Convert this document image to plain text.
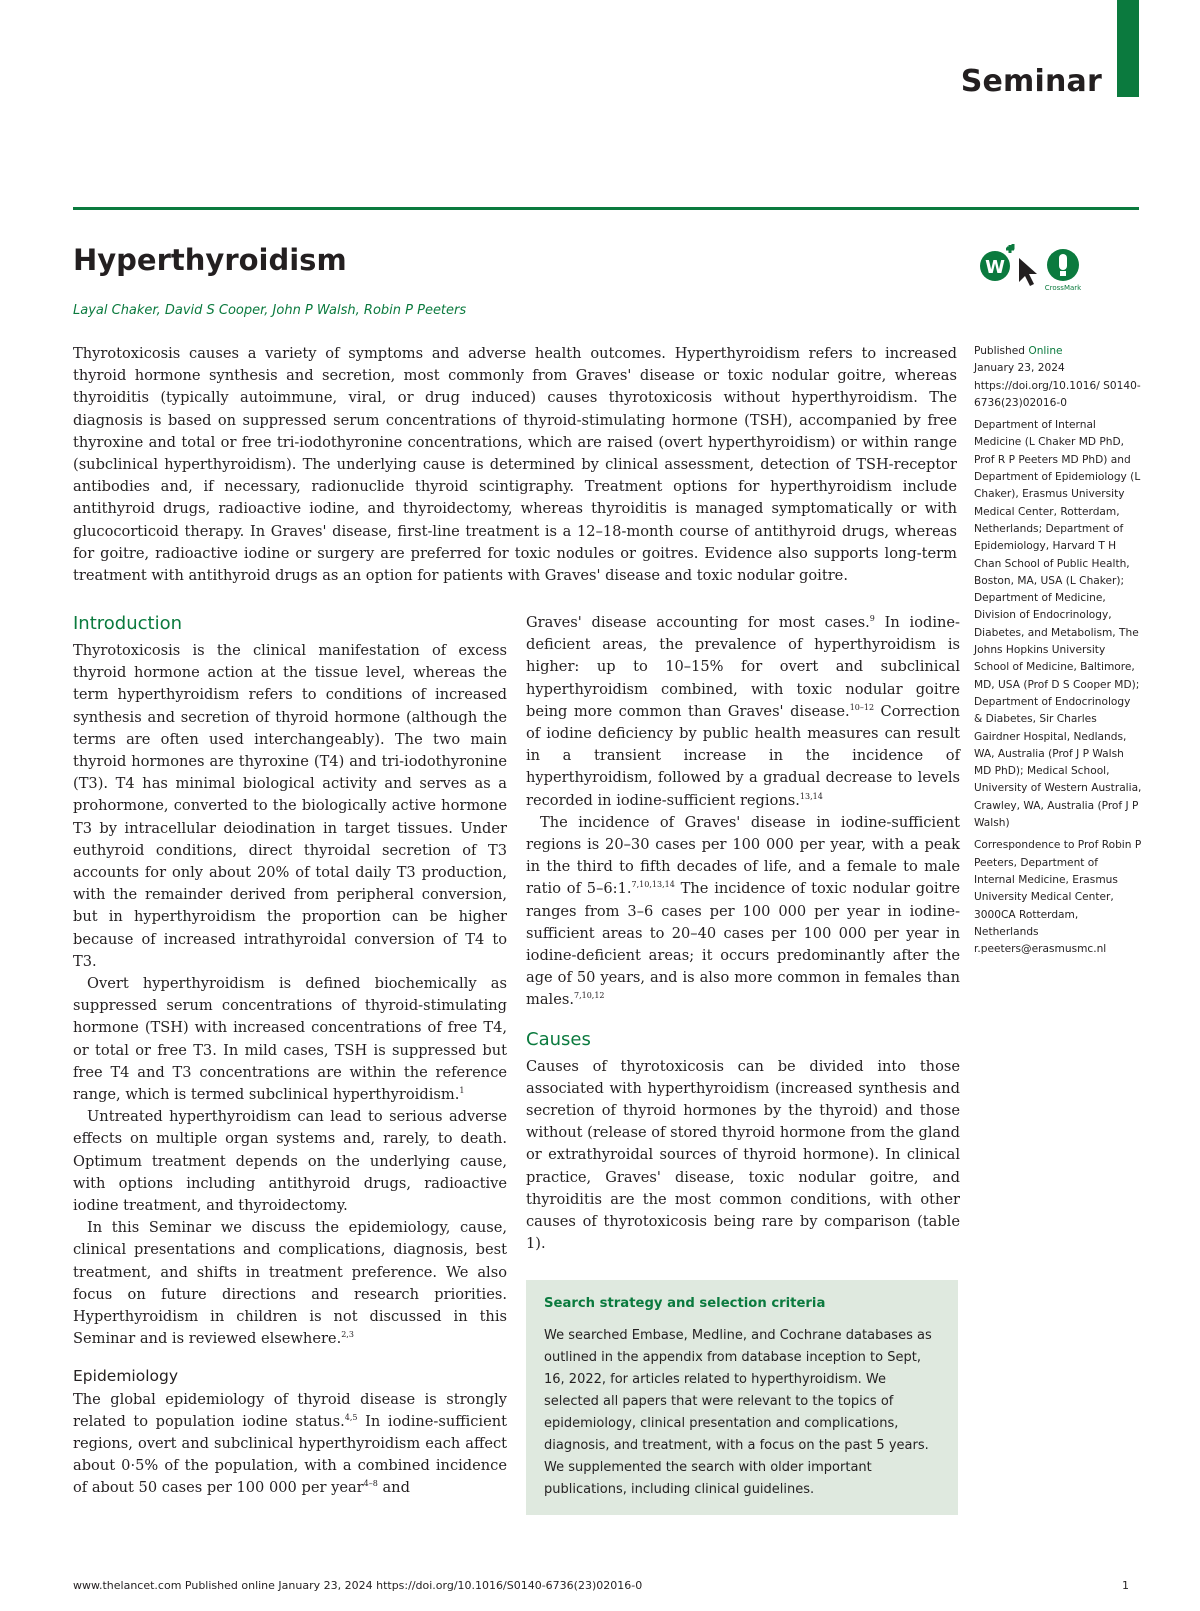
Seminar
Hyperthyroidism	W
CrossMark
Layal Chaker, David S Cooper, John P Walsh, Robin P Peeters

Thyrotoxicosis causes a variety of symptoms and adverse health outcomes. Hyperthyroidism refers to increased thyroid hormone synthesis and secretion, most commonly from Graves' disease or toxic nodular goitre, whereas thyroiditis (typically autoimmune, viral, or drug induced) causes thyrotoxicosis without hyperthyroidism. The diagnosis is based on suppressed serum concentrations of thyroid-stimulating hormone (TSH), accompanied by free thyroxine and total or free tri-iodothyronine concentrations, which are raised (overt hyperthyroidism) or within range (subclinical hyperthyroidism). The underlying cause is determined by clinical assessment, detection of TSH-receptor antibodies and, if necessary, radionuclide thyroid scintigraphy. Treatment options for hyperthyroidism include antithyroid drugs, radioactive iodine, and thyroidectomy, whereas thyroiditis is managed symptomatically or with glucocorticoid therapy. In Graves' disease, first-line treatment is a 12–18-month course of antithyroid drugs, whereas for goitre, radioactive iodine or surgery are preferred for toxic nodules or goitres. Evidence also supports long-term treatment with antithyroid drugs as an option for patients with Graves' disease and toxic nodular goitre.

Published Online
January 23, 2024
https://doi.org/10.1016/ S0140-6736(23)02016-0

Department of Internal Medicine (L Chaker MD PhD, Prof R P Peeters MD PhD) and Department of Epidemiology (L Chaker), Erasmus University Medical Center, Rotterdam, Netherlands; Department of Epidemiology, Harvard T H Chan School of Public Health, Boston, MA, USA (L Chaker); Department of Medicine, Division of Endocrinology, Diabetes, and Metabolism, The Johns Hopkins University School of Medicine, Baltimore, MD, USA (Prof D S Cooper MD); Department of Endocrinology & Diabetes, Sir Charles Gairdner Hospital, Nedlands, WA, Australia (Prof J P Walsh MD PhD); Medical School, University of Western Australia, Crawley, WA, Australia (Prof J P Walsh)

Correspondence to Prof Robin P Peeters, Department of Internal Medicine, Erasmus University Medical Center, 3000CA Rotterdam, Netherlands r.peeters@erasmusmc.nl

Introduction

Thyrotoxicosis is the clinical manifestation of excess thyroid hormone action at the tissue level, whereas the term hyperthyroidism refers to conditions of increased synthesis and secretion of thyroid hormone (although the terms are often used interchangeably). The two main thyroid hormones are thyroxine (T4) and tri-iodothyronine (T3). T4 has minimal biological activity and serves as a prohormone, converted to the biologically active hormone T3 by intracellular deiodination in target tissues. Under euthyroid conditions, direct thyroidal secretion of T3 accounts for only about 20% of total daily T3 production, with the remainder derived from peripheral conversion, but in hyperthyroidism the proportion can be higher because of increased intrathyroidal conversion of T4 to T3.

Overt hyperthyroidism is defined biochemically as suppressed serum concentrations of thyroid-stimulating hormone (TSH) with increased concentrations of free T4, or total or free T3. In mild cases, TSH is suppressed but free T4 and T3 concentrations are within the reference range, which is termed subclinical hyperthyroidism.$^1$

Untreated hyperthyroidism can lead to serious adverse effects on multiple organ systems and, rarely, to death. Optimum treatment depends on the underlying cause, with options including antithyroid drugs, radioactive iodine treatment, and thyroidectomy.

In this Seminar we discuss the epidemiology, cause, clinical presentations and complications, diagnosis, best treatment, and shifts in treatment preference. We also focus on future directions and research priorities. Hyperthyroidism in children is not discussed in this Seminar and is reviewed elsewhere.$^{2,3}$

Epidemiology

The global epidemiology of thyroid disease is strongly related to population iodine status.$^{4,5}$ In iodine-sufficient regions, overt and subclinical hyperthyroidism each affect about 0·5% of the population, with a combined incidence of about 50 cases per 100 000 per year$^{4-8}$ and

Graves' disease accounting for most cases.$^9$ In iodine-deficient areas, the prevalence of hyperthyroidism is higher: up to 10–15% for overt and subclinical hyperthyroidism combined, with toxic nodular goitre being more common than Graves' disease.$^{10-12}$ Correction of iodine deficiency by public health measures can result in a transient increase in the incidence of hyperthyroidism, followed by a gradual decrease to levels recorded in iodine-sufficient regions.$^{13,14}$

The incidence of Graves' disease in iodine-sufficient regions is 20–30 cases per 100 000 per year, with a peak in the third to fifth decades of life, and a female to male ratio of 5–6:1.$^{7,10,13,14}$ The incidence of toxic nodular goitre ranges from 3–6 cases per 100 000 per year in iodine-sufficient areas to 20–40 cases per 100 000 per year in iodine-deficient areas; it occurs predominantly after the age of 50 years, and is also more common in females than males.$^{7,10,12}$

Causes

Causes of thyrotoxicosis can be divided into those associated with hyperthyroidism (increased synthesis and secretion of thyroid hormones by the thyroid) and those without (release of stored thyroid hormone from the gland or extrathyroidal sources of thyroid hormone). In clinical practice, Graves' disease, toxic nodular goitre, and thyroiditis are the most common conditions, with other causes of thyrotoxicosis being rare by comparison (table 1).

Search strategy and selection criteria

We searched Embase, Medline, and Cochrane databases as outlined in the appendix from database inception to Sept, 16, 2022, for articles related to hyperthyroidism. We selected all papers that were relevant to the topics of epidemiology, clinical presentation and complications, diagnosis, and treatment, with a focus on the past 5 years. We supplemented the search with older important publications, including clinical guidelines.

www.thelancet.com Published online January 23, 2024 https://doi.org/10.1016/S0140-6736(23)02016-0	1
